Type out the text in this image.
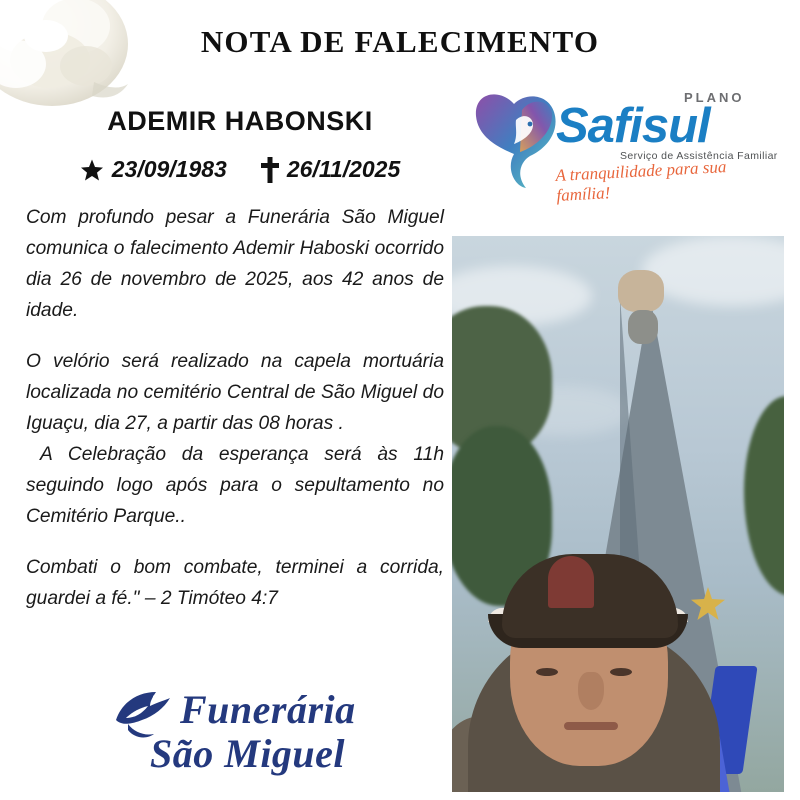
NOTA DE FALECIMENTO
ADEMIR HABONSKI
23/09/1983	26/11/2025

Com profundo pesar a Funerária São Miguel comunica o falecimento Ademir Haboski ocorrido dia 26 de novembro de 2025, aos 42 anos de idade.

O velório será realizado na capela mortuária localizada no cemitério Central de São Miguel do Iguaçu, dia 27, a partir das 08 horas .

A Celebração da esperança será às 11h seguindo logo após para o sepultamento no Cemitério Parque..

Combati o bom combate, terminei a corrida, guardei a fé." – 2 Timóteo 4:7

PLANO
Safisul
Serviço de Assistência Familiar
A tranquilidade para sua família!
Funerária
São Miguel
